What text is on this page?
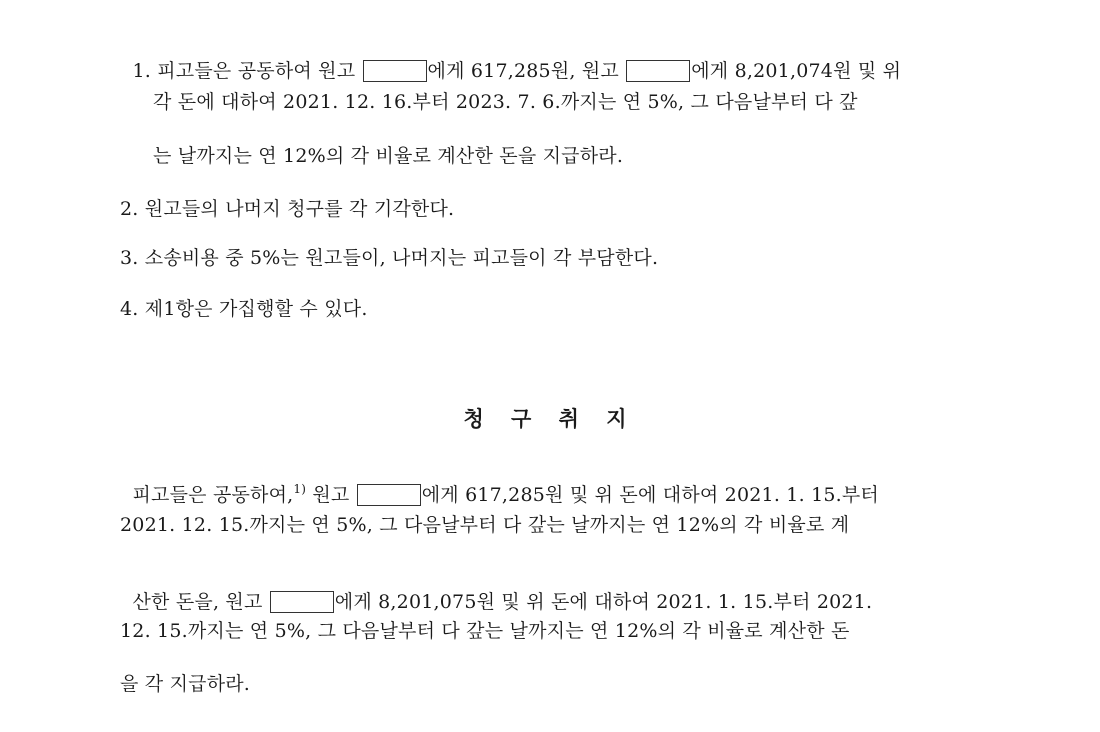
1. 피고들은 공동하여 원고	에게 617,285원, 원고	에게 8,201,074원 및 위

각 돈에 대하여 2021. 12. 16.부터 2023. 7. 6.까지는 연 5%, 그 다음날부터 다 갚
는 날까지는 연 12%의 각 비율로 계산한 돈을 지급하라.
2. 원고들의 나머지 청구를 각 기각한다.
3. 소송비용 중 5%는 원고들이, 나머지는 피고들이 각 부담한다.
4. 제1항은 가집행할 수 있다.
청 구 취 지

피고들은 공동하여,$^{1)}$ 원고	에게 617,285원 및 위 돈에 대하여 2021. 1. 15.부터

2021. 12. 15.까지는 연 5%, 그 다음날부터 다 갚는 날까지는 연 12%의 각 비율로 계

산한 돈을, 원고	에게 8,201,075원 및 위 돈에 대하여 2021. 1. 15.부터 2021.

12. 15.까지는 연 5%, 그 다음날부터 다 갚는 날까지는 연 12%의 각 비율로 계산한 돈
을 각 지급하라.
